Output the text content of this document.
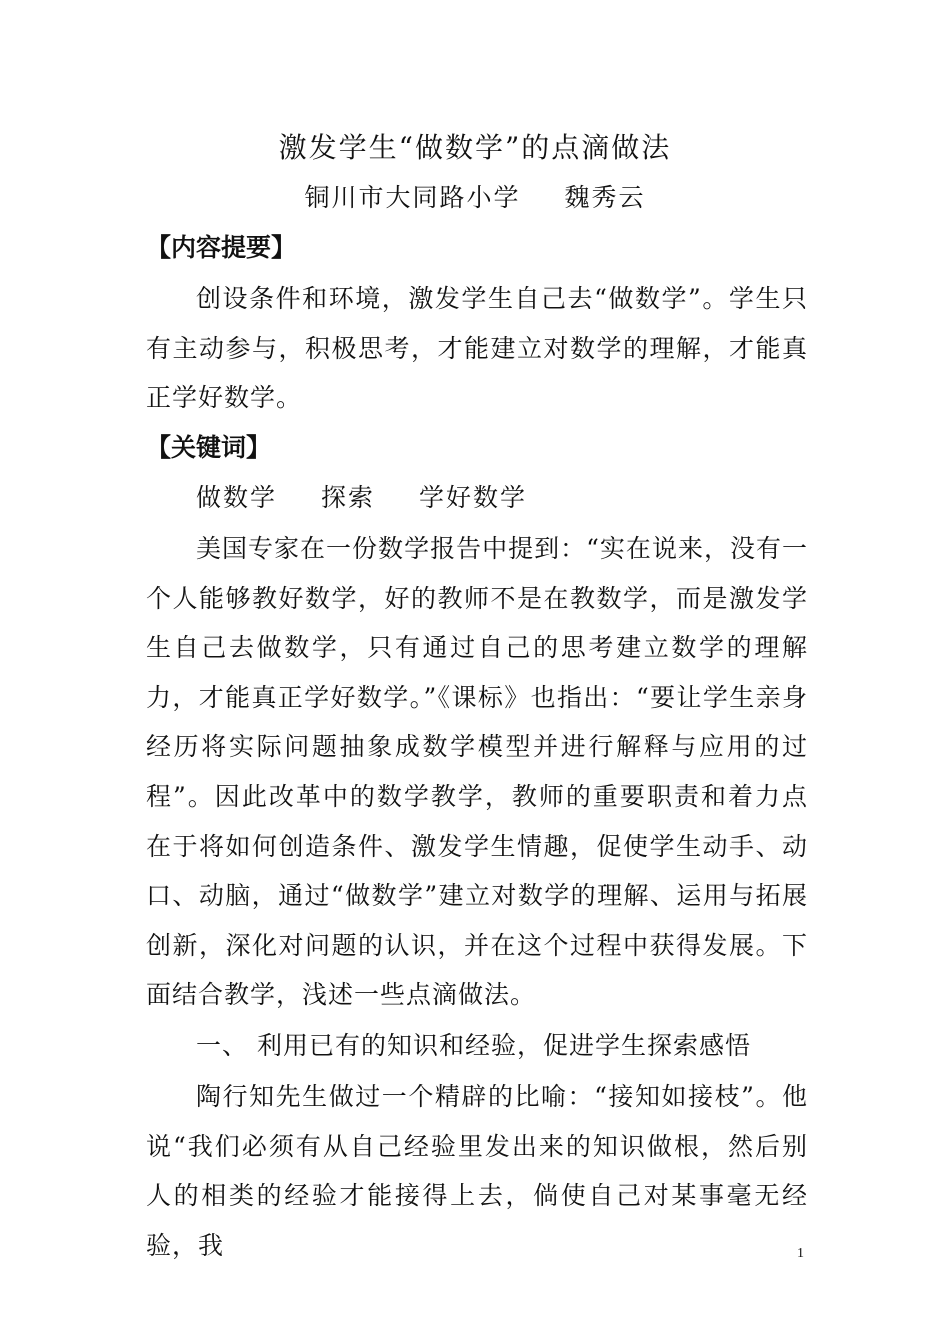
激发学生“做数学”的点滴做法
铜川市大同路小学 魏秀云
【内容提要】
创设条件和环境，激发学生自己去“做数学”。学生只有主动参与，积极思考，才能建立对数学的理解，才能真正学好数学。
【关键词】
做数学 探索 学好数学
美国专家在一份数学报告中提到：“实在说来，没有一个人能够教好数学，好的教师不是在教数学，而是激发学生自己去做数学，只有通过自己的思考建立数学的理解力，才能真正学好数学。”《课标》也指出：“要让学生亲身经历将实际问题抽象成数学模型并进行解释与应用的过程”。因此改革中的数学教学，教师的重要职责和着力点在于将如何创造条件、激发学生情趣，促使学生动手、动口、动脑，通过“做数学”建立对数学的理解、运用与拓展创新，深化对问题的认识，并在这个过程中获得发展。下面结合教学，浅述一些点滴做法。
一、 利用已有的知识和经验，促进学生探索感悟
陶行知先生做过一个精辟的比喻：“接知如接枝”。他说“我们必须有从自己经验里发出来的知识做根，然后别人的相类的经验才能接得上去，倘使自己对某事毫无经验，我	1
